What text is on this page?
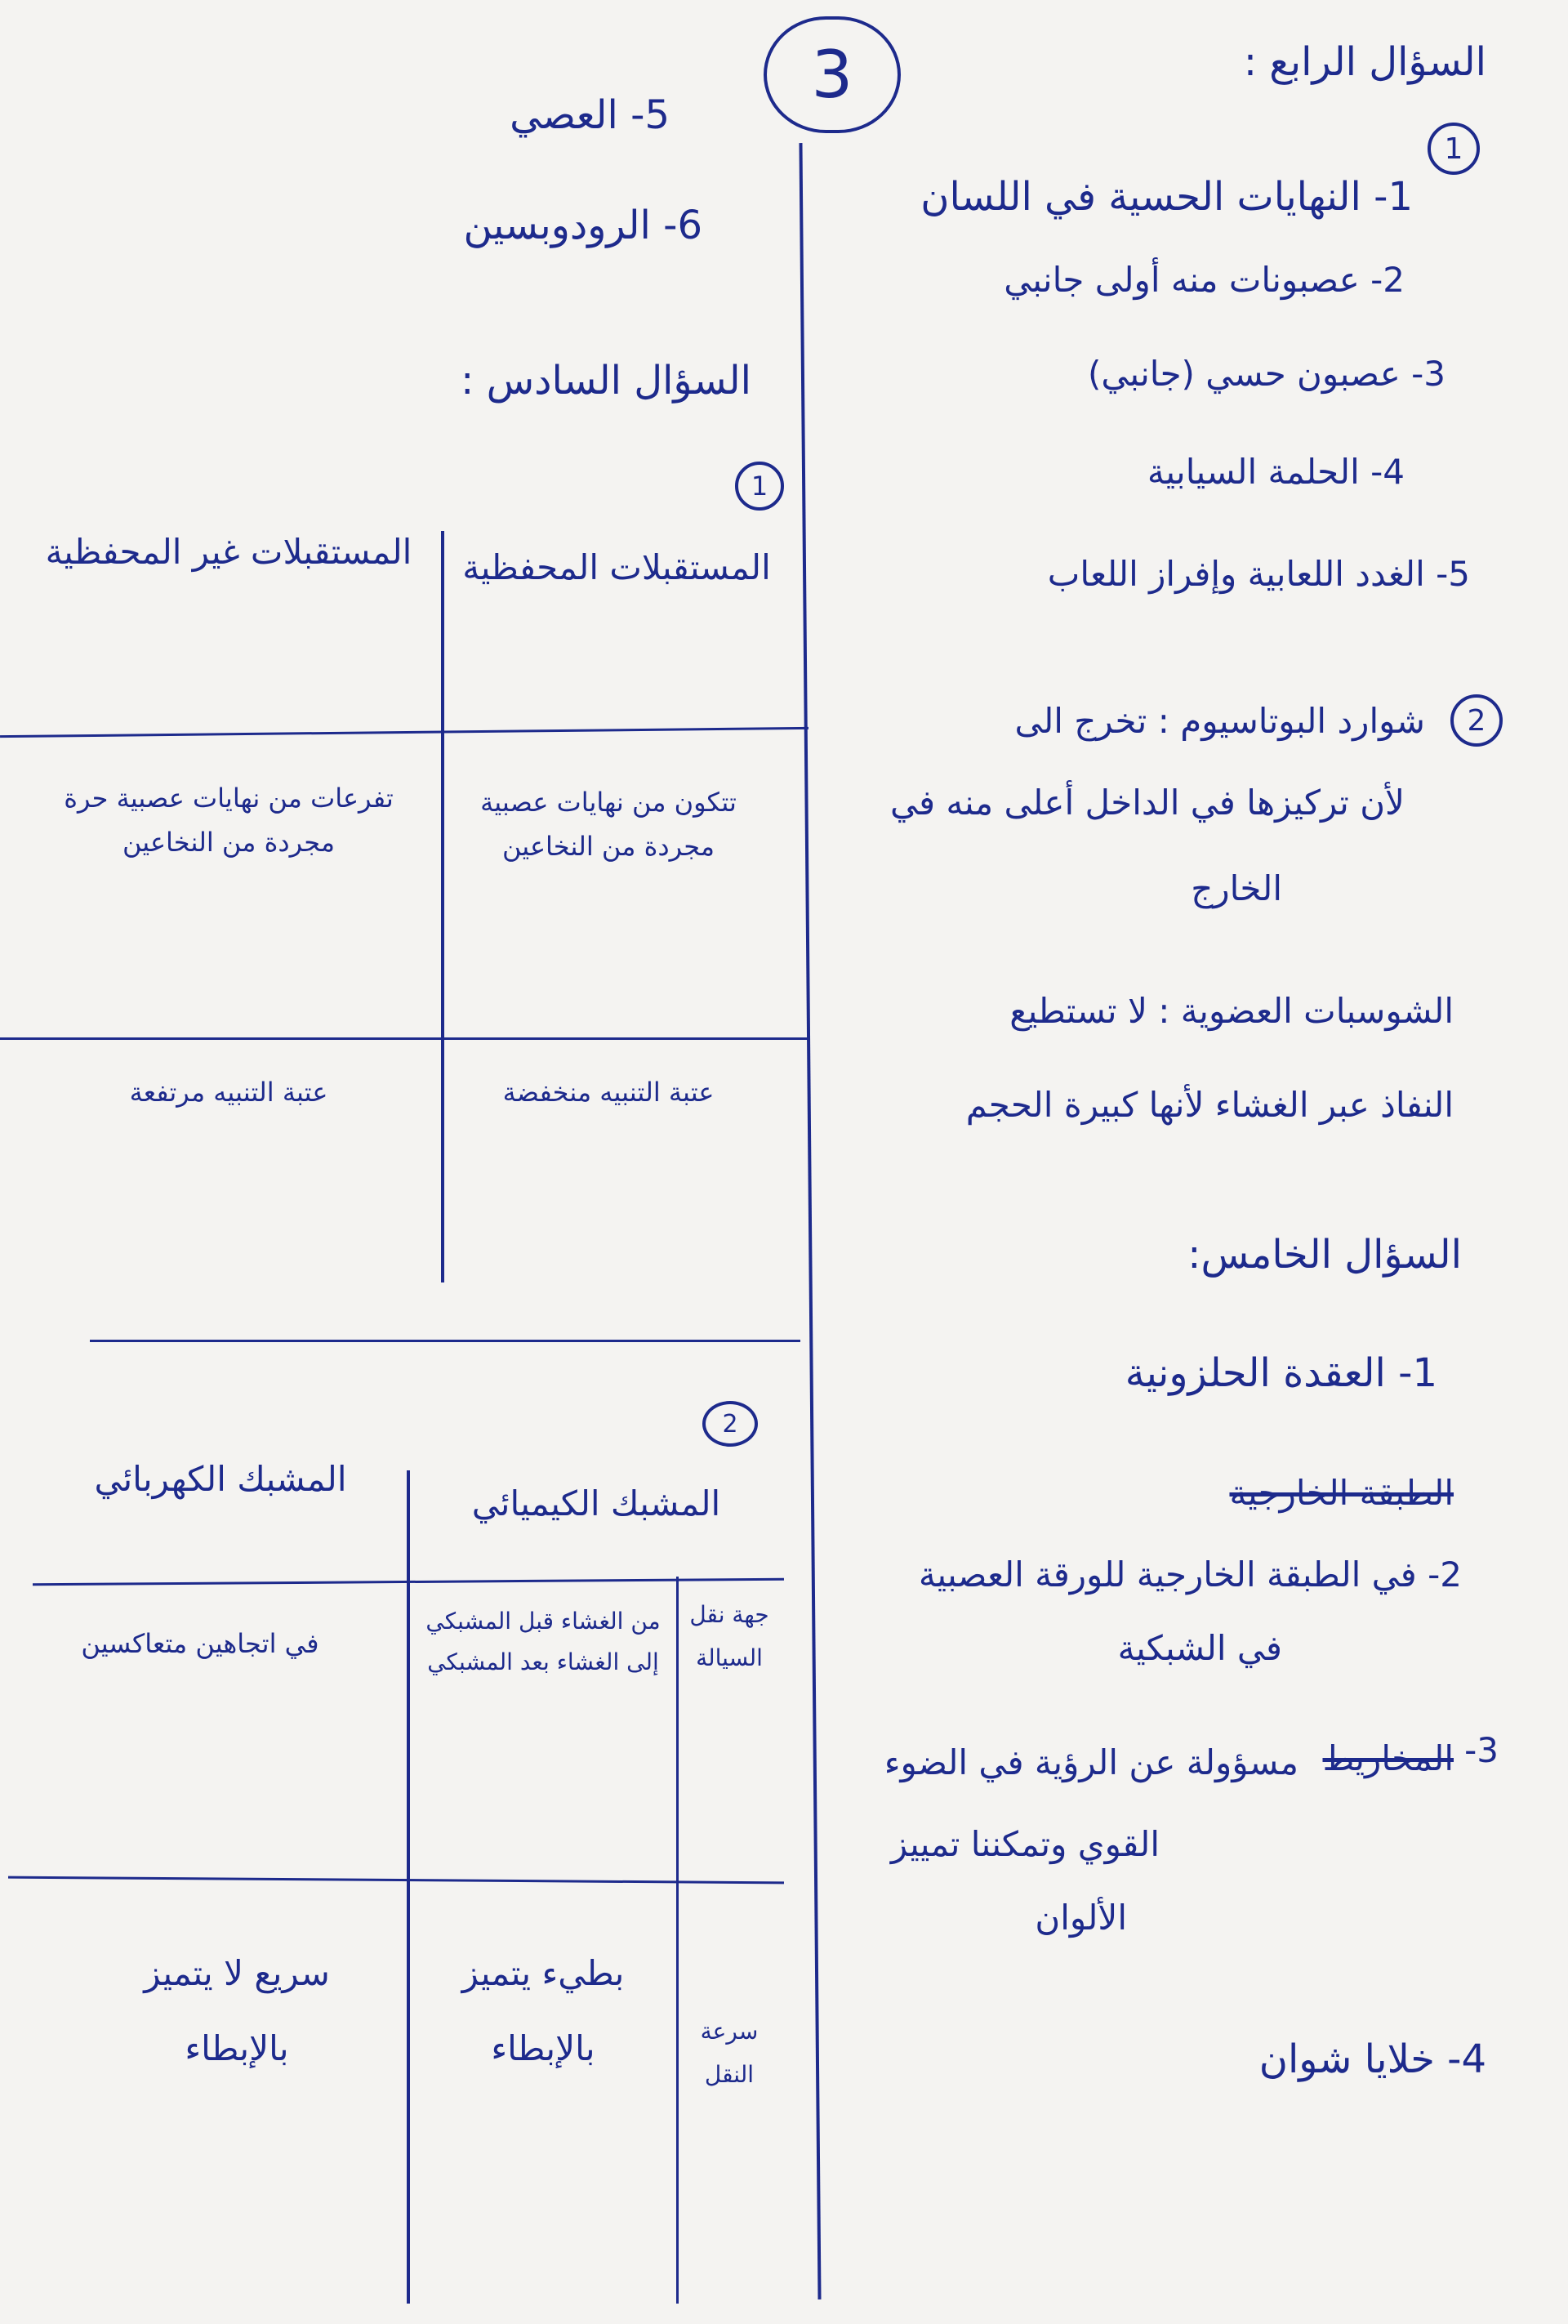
3	السؤال الرابع :
1
1- النهايات الحسية في اللسان
2- عصبونات منه أولى جانبي
3- عصبون حسي (جانبي)
4- الحلمة السيابية
5- الغدد اللعابية وإفراز اللعاب
2
شوارد البوتاسيوم : تخرج الى
لأن تركيزها في الداخل أعلى منه في
الخارج
الشوسبات العضوية : لا تستطيع
النفاذ عبر الغشاء لأنها كبيرة الحجم
السؤال الخامس:
1- العقدة الحلزونية
الطبقة الخارجية
2- في الطبقة الخارجية للورقة العصبية
في الشبكية
3-
المخاريط
مسؤولة عن الرؤية في الضوء
القوي وتمكننا تمييز
الألوان
4- خلايا شوان
5- العصي
6- الرودوبسين
السؤال السادس :
1
المستقبلات المحفظية
المستقبلات غير المحفظية
تتكون من نهايات عصبية مجردة من النخاعين
تفرعات من نهايات عصبية حرة مجردة من النخاعين
عتبة التنبيه منخفضة
عتبة التنبيه مرتفعة
2
المشبك الكيميائي
المشبك الكهربائي
جهة نقل السيالة
سرعة النقل
من الغشاء قبل المشبكي إلى الغشاء بعد المشبكي
في اتجاهين متعاكسين
بطيء يتميز بالإبطاء
سريع لا يتميز بالإبطاء
